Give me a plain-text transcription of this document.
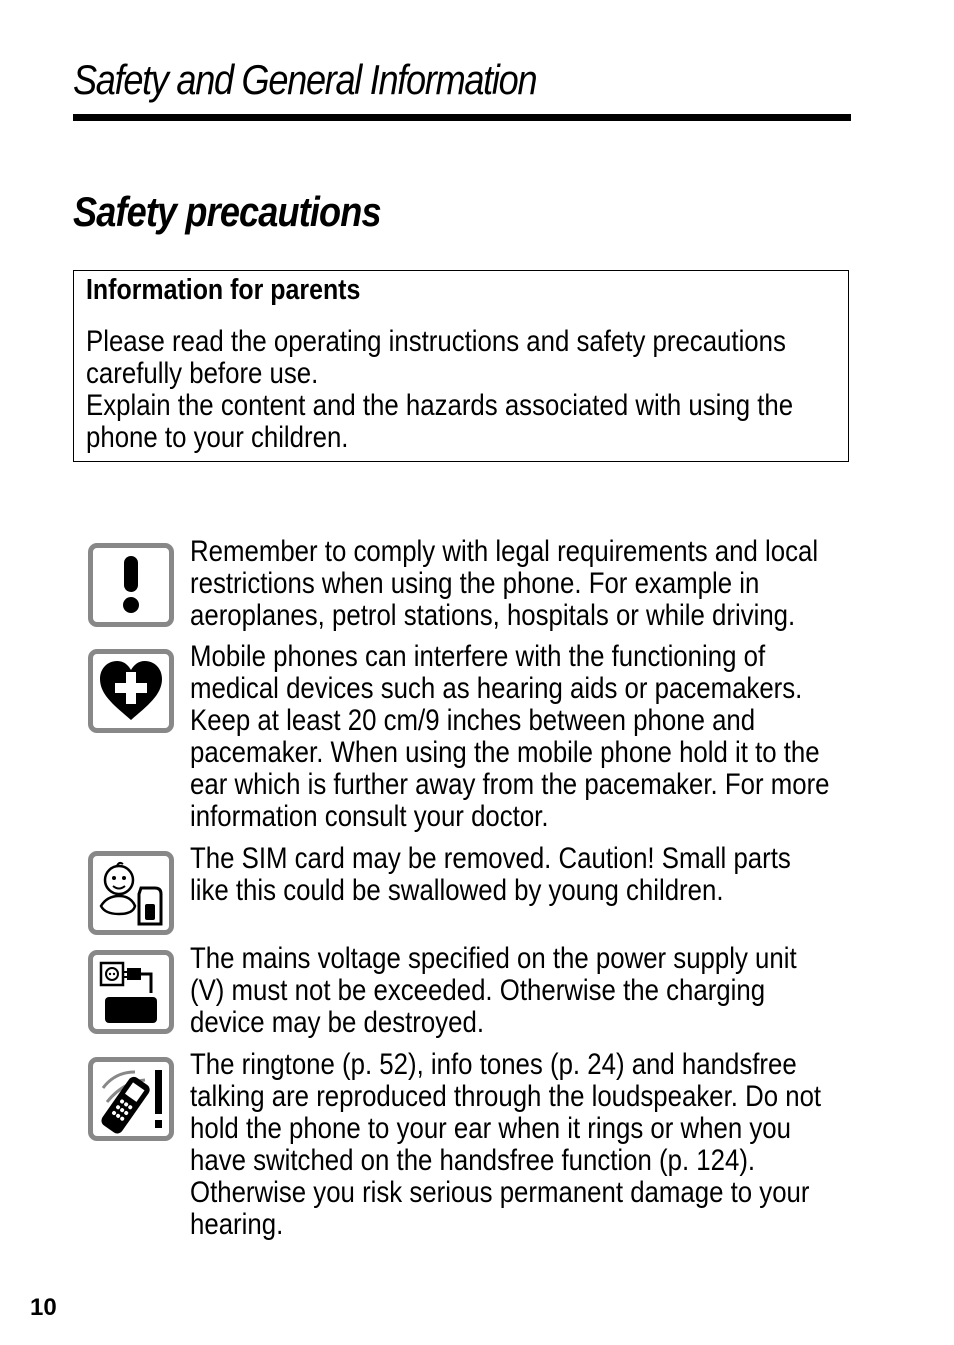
Safety and General Information
Safety precautions
Information for parents
Please read the operating instructions and safety precautions
carefully before use.
Explain the content and the hazards associated with using the
phone to your children.
Remember to comply with legal requirements and local
restrictions when using the phone. For example in
aeroplanes, petrol stations, hospitals or while driving.
Mobile phones can interfere with the functioning of
medical devices such as hearing aids or pacemakers.
Keep at least 20 cm/9 inches between phone and
pacemaker. When using the mobile phone hold it to the
ear which is further away from the pacemaker. For more
information consult your doctor.
The SIM card may be removed. Caution! Small parts
like this could be swallowed by young children.
The mains voltage specified on the power supply unit
(V) must not be exceeded. Otherwise the charging
device may be destroyed.
The ringtone (p. 52), info tones (p. 24) and handsfree
talking are reproduced through the loudspeaker. Do not
hold the phone to your ear when it rings or when you
have switched on the handsfree function (p. 124).
Otherwise you risk serious permanent damage to your
hearing.
10
